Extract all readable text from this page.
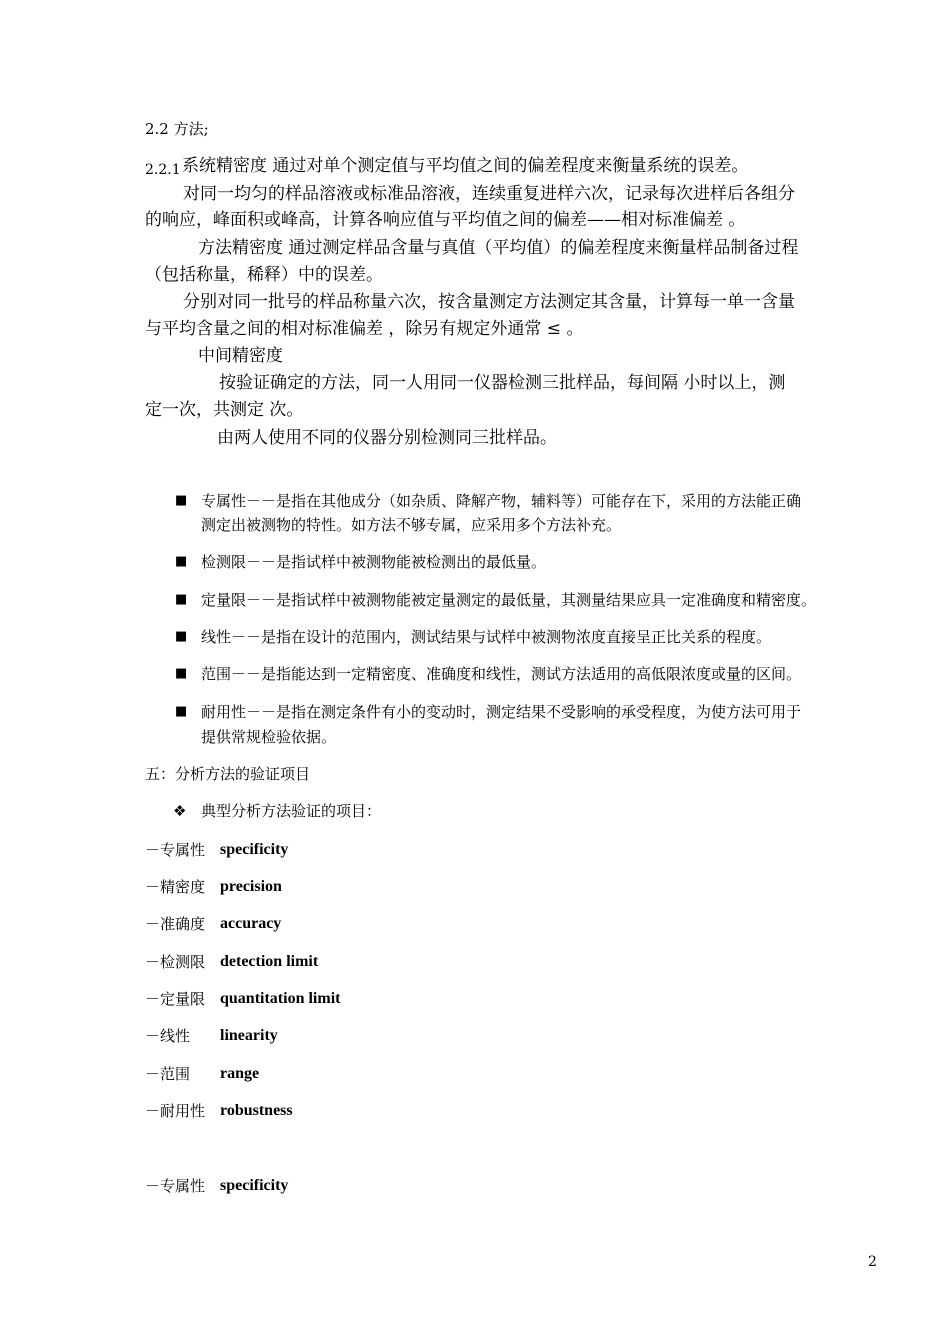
2.2 方法;
2.2.1 系统精密度 通过对单个测定值与平均值之间的偏差程度来衡量系统的误差。
对同一均匀的样品溶液或标准品溶液，连续重复进样六次，记录每次进样后各组分
的响应，峰面积或峰高，计算各响应值与平均值之间的偏差——相对标准偏差 。
方法精密度 通过测定样品含量与真值（平均值）的偏差程度来衡量样品制备过程
（包括称量，稀释）中的误差。
分别对同一批号的样品称量六次，按含量测定方法测定其含量，计算每一单一含量
与平均含量之间的相对标准偏差 ，除另有规定外通常 ≤ 。
中间精密度
按验证确定的方法，同一人用同一仪器检测三批样品，每间隔 小时以上，测
定一次，共测定 次。
由两人使用不同的仪器分别检测同三批样品。
■ 专属性－－是指在其他成分（如杂质、降解产物，辅料等）可能存在下，采用的方法能正确
测定出被测物的特性。如方法不够专属，应采用多个方法补充。
■ 检测限－－是指试样中被测物能被检测出的最低量。
■ 定量限－－是指试样中被测物能被定量测定的最低量，其测量结果应具一定准确度和精密度。
■ 线性－－是指在设计的范围内，测试结果与试样中被测物浓度直接呈正比关系的程度。
■ 范围－－是指能达到一定精密度、准确度和线性，测试方法适用的高低限浓度或量的区间。
■ 耐用性－－是指在测定条件有小的变动时，测定结果不受影响的承受程度，为使方法可用于
提供常规检验依据。
五：分析方法的验证项目
❖ 典型分析方法验证的项目：
－专属性 specificity
－精密度 precision
－准确度 accuracy
－检测限 detection limit
－定量限 quantitation limit
－线性 linearity
－范围 range
－耐用性 robustness
－专属性 specificity
2
